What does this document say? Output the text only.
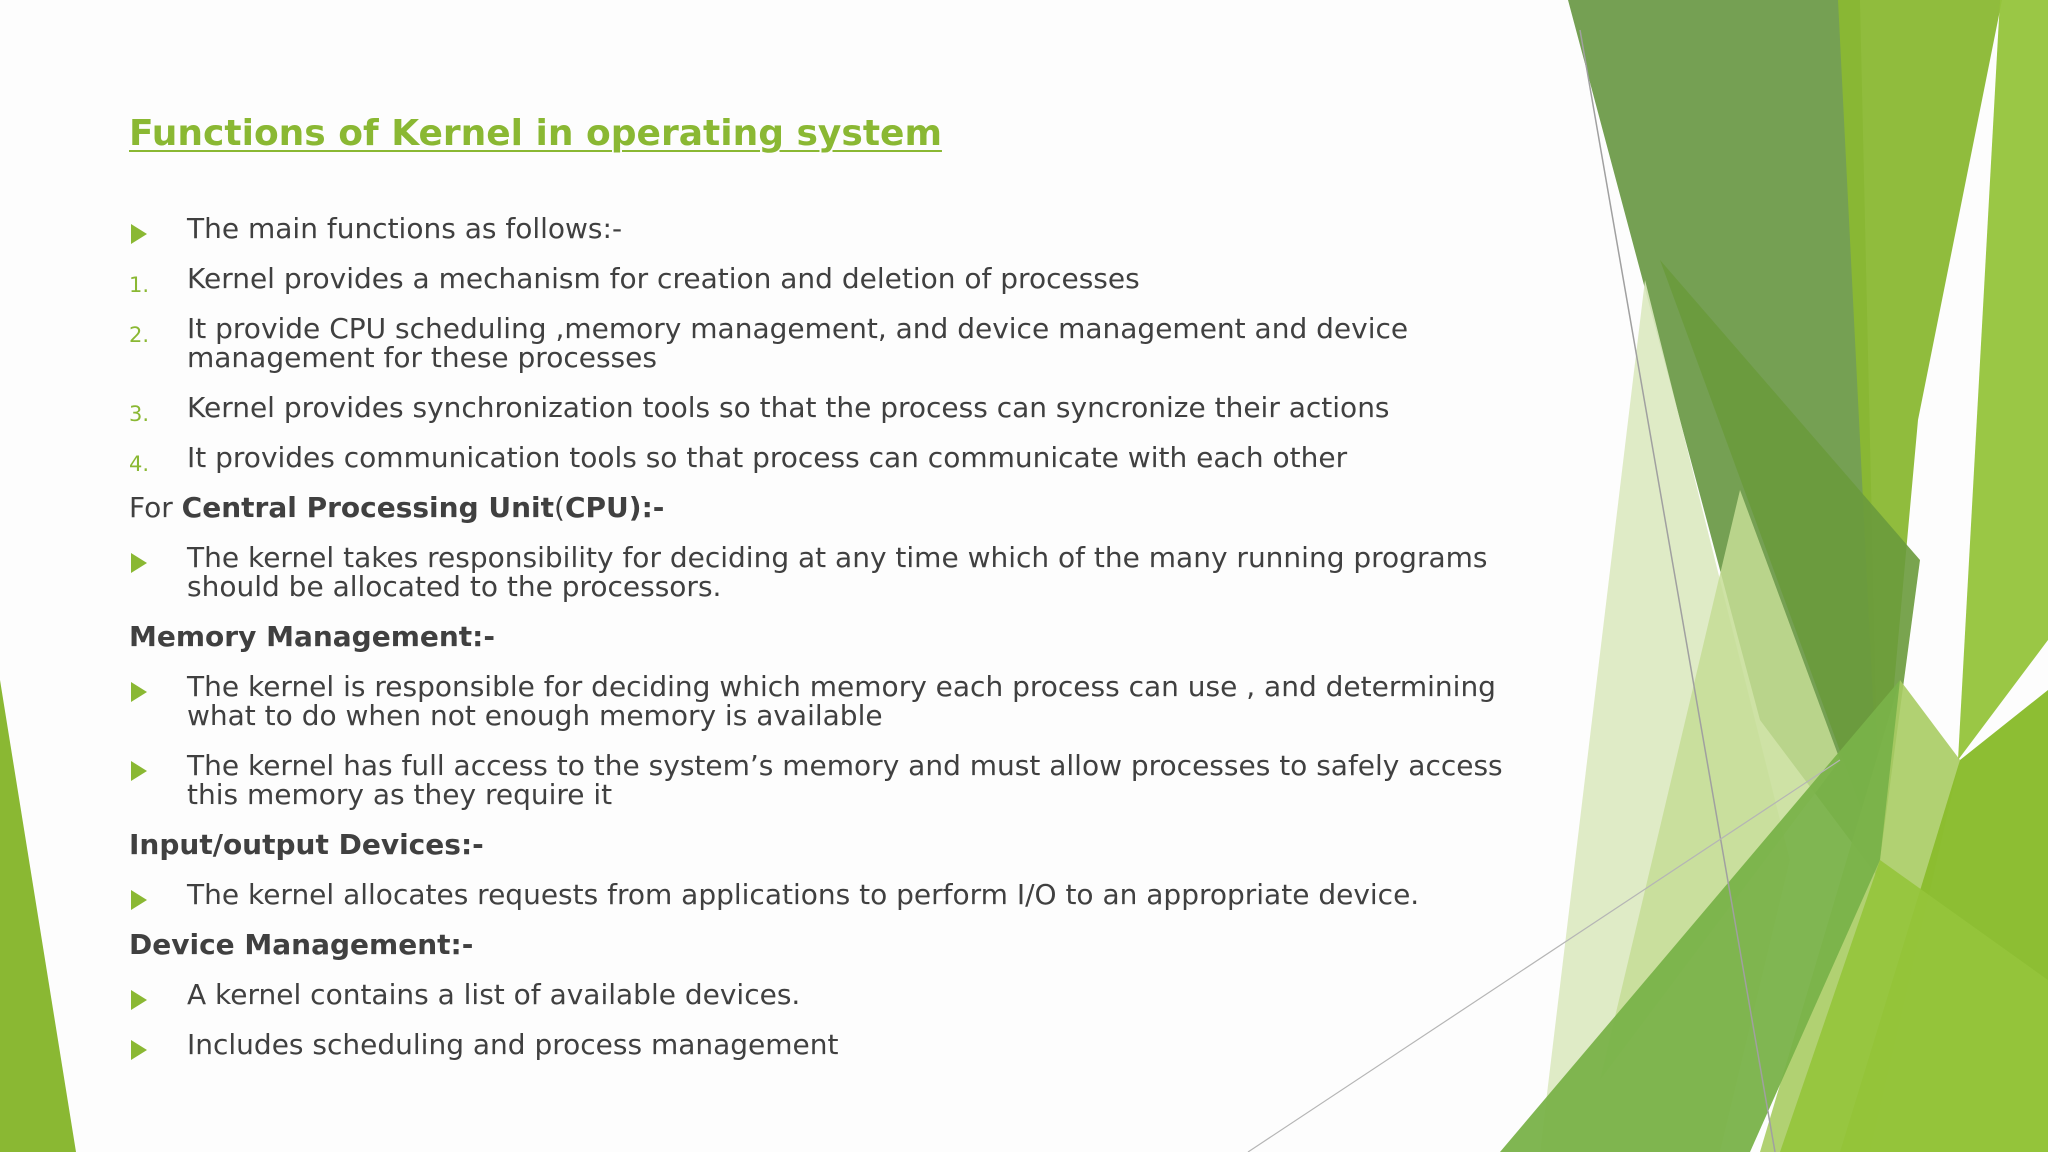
Functions of Kernel in operating system
The main functions as follows:-
1. Kernel provides a mechanism for creation and deletion of processes
2. It provide CPU scheduling ,memory management, and device management and device management for these processes
3. Kernel provides synchronization tools so that the process can syncronize their actions
4. It provides communication tools so that process can communicate with each other
For Central Processing Unit(CPU):-
The kernel takes responsibility for deciding at any time which of the many running programs should be allocated to the processors.
Memory Management:-
The kernel is responsible for deciding which memory each process can use , and determining what to do when not enough memory is available
The kernel has full access to the system’s memory and must allow processes to safely access this memory as they require it
Input/output Devices:-
The kernel allocates requests from applications to perform I/O to an appropriate device.
Device Management:-
A kernel contains a list of available devices.
Includes scheduling and process management
